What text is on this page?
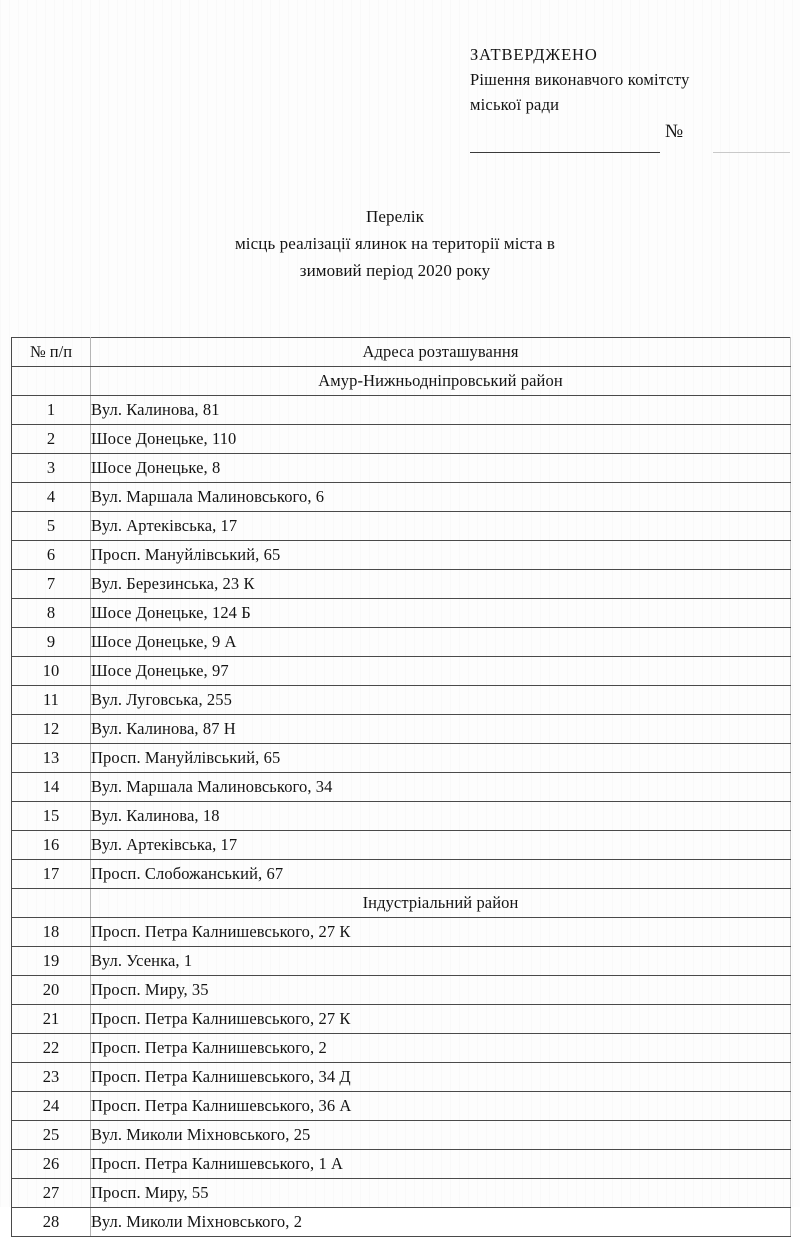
ЗАТВЕРДЖЕНО
Рішення виконавчого комітсту
міської ради
№
Перелік
місць реалізації ялинок на території міста в
зимовий період 2020 року
№ п/п	Адреса розташування
	Амур-Нижньодніпровський район
1	Вул. Калинова, 81
2	Шосе Донецьке, 110
3	Шосе Донецьке, 8
4	Вул. Маршала Малиновського, 6
5	Вул. Артеківська, 17
6	Просп. Мануйлівський, 65
7	Вул. Березинська, 23 К
8	Шосе Донецьке, 124 Б
9	Шосе Донецьке, 9 А
10	Шосе Донецьке, 97
11	Вул. Луговська, 255
12	Вул. Калинова, 87 Н
13	Просп. Мануйлівський, 65
14	Вул. Маршала Малиновського, 34
15	Вул. Калинова, 18
16	Вул. Артеківська, 17
17	Просп. Слобожанський, 67
	Індустріальний район
18	Просп. Петра Калнишевського, 27 К
19	Вул. Усенка, 1
20	Просп. Миру, 35
21	Просп. Петра Калнишевського, 27 К
22	Просп. Петра Калнишевського, 2
23	Просп. Петра Калнишевського, 34 Д
24	Просп. Петра Калнишевського, 36 А
25	Вул. Миколи Міхновського, 25
26	Просп. Петра Калнишевського, 1 А
27	Просп. Миру, 55
28	Вул. Миколи Міхновського, 2
